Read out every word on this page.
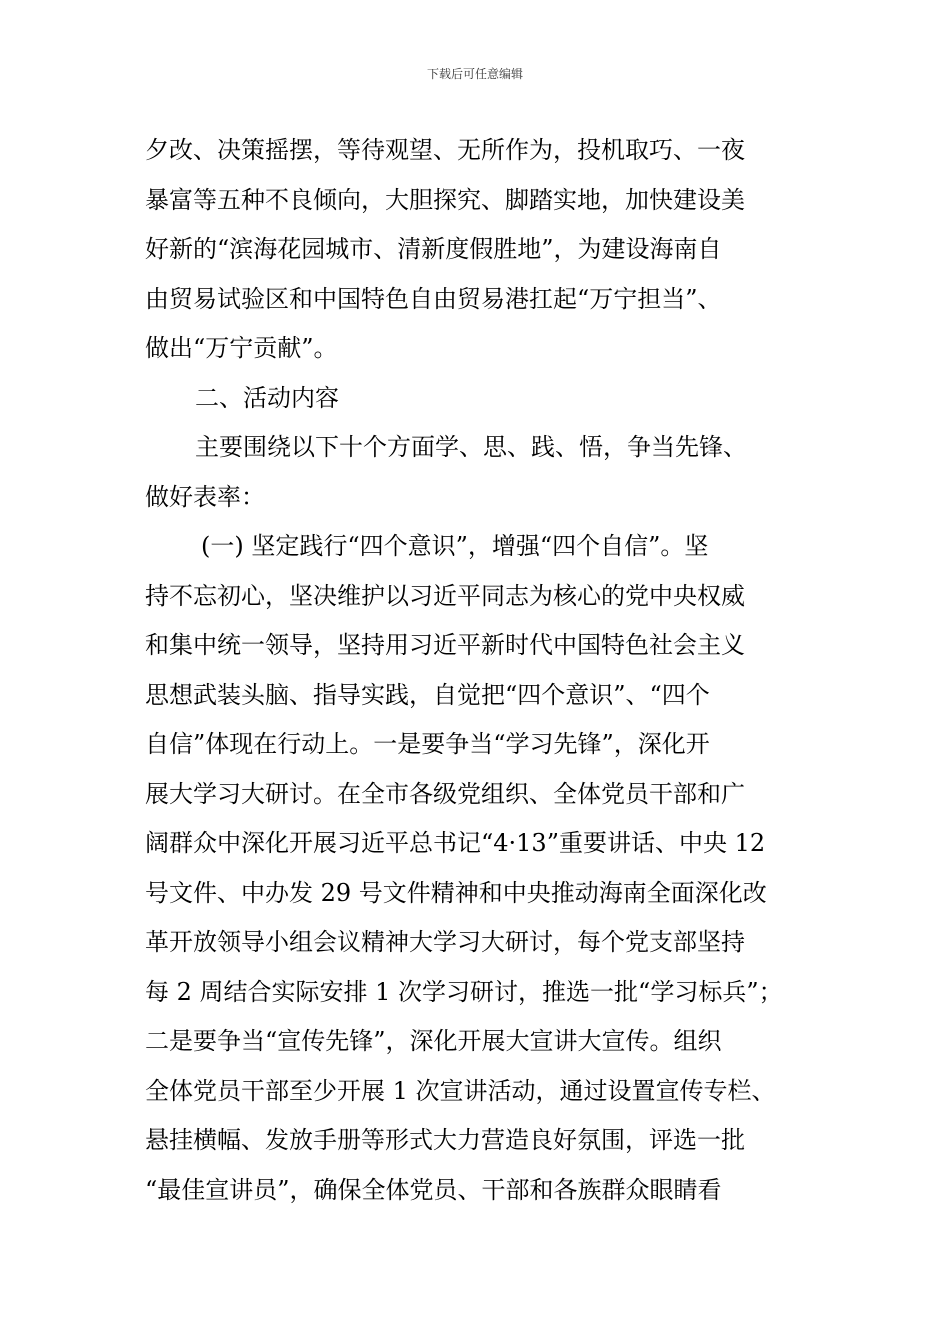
下载后可任意编辑
夕改、决策摇摆，等待观望、无所作为，投机取巧、一夜
暴富等五种不良倾向，大胆探究、脚踏实地，加快建设美
好新的“滨海花园城市、清新度假胜地”，为建设海南自
由贸易试验区和中国特色自由贸易港扛起“万宁担当”、
做出“万宁贡献”。
二、活动内容
主要围绕以下十个方面学、思、践、悟，争当先锋、
做好表率：
(一) 坚定践行“四个意识”，增强“四个自信”。坚
持不忘初心，坚决维护以习近平同志为核心的党中央权威
和集中统一领导，坚持用习近平新时代中国特色社会主义
思想武装头脑、指导实践，自觉把“四个意识”、“四个
自信”体现在行动上。一是要争当“学习先锋”，深化开
展大学习大研讨。在全市各级党组织、全体党员干部和广
阔群众中深化开展习近平总书记“4·13”重要讲话、中央 12
号文件、中办发 29 号文件精神和中央推动海南全面深化改
革开放领导小组会议精神大学习大研讨，每个党支部坚持
每 2 周结合实际安排 1 次学习研讨，推选一批“学习标兵”；
二是要争当“宣传先锋”，深化开展大宣讲大宣传。组织
全体党员干部至少开展 1 次宣讲活动，通过设置宣传专栏、
悬挂横幅、发放手册等形式大力营造良好氛围，评选一批
“最佳宣讲员”，确保全体党员、干部和各族群众眼睛看
